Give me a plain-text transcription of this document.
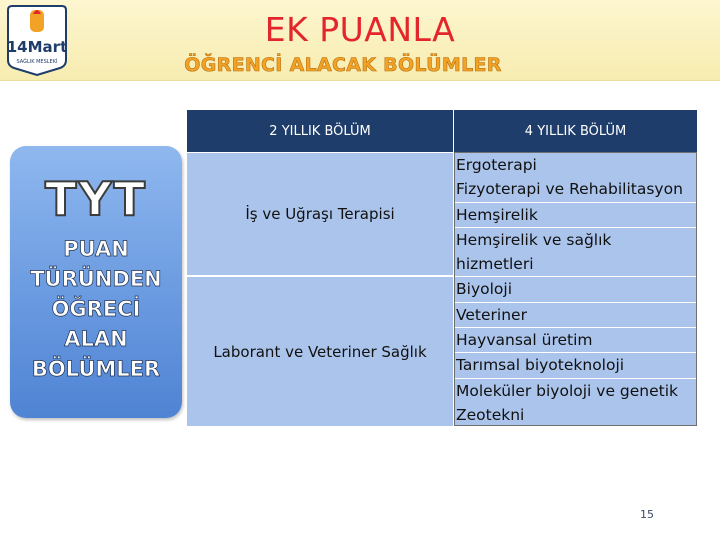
14Mart
SAĞLIK MESLEKİ
EK PUANLA
ÖĞRENCİ ALACAK BÖLÜMLER
TYT
PUAN
TÜRÜNDEN
ÖĞRECİ
ALAN
BÖLÜMLER
2 YILLIK BÖLÜM	4 YILLIK BÖLÜM
İş ve Uğraşı Terapisi
Laborant ve Veteriner Sağlık
Ergoterapi
Fizyoterapi ve Rehabilitasyon
Hemşirelik
Hemşirelik ve sağlık
hizmetleri
Biyoloji
Veteriner
Hayvansal üretim
Tarımsal biyoteknoloji
Moleküler biyoloji ve genetik
Zeotekni
15
